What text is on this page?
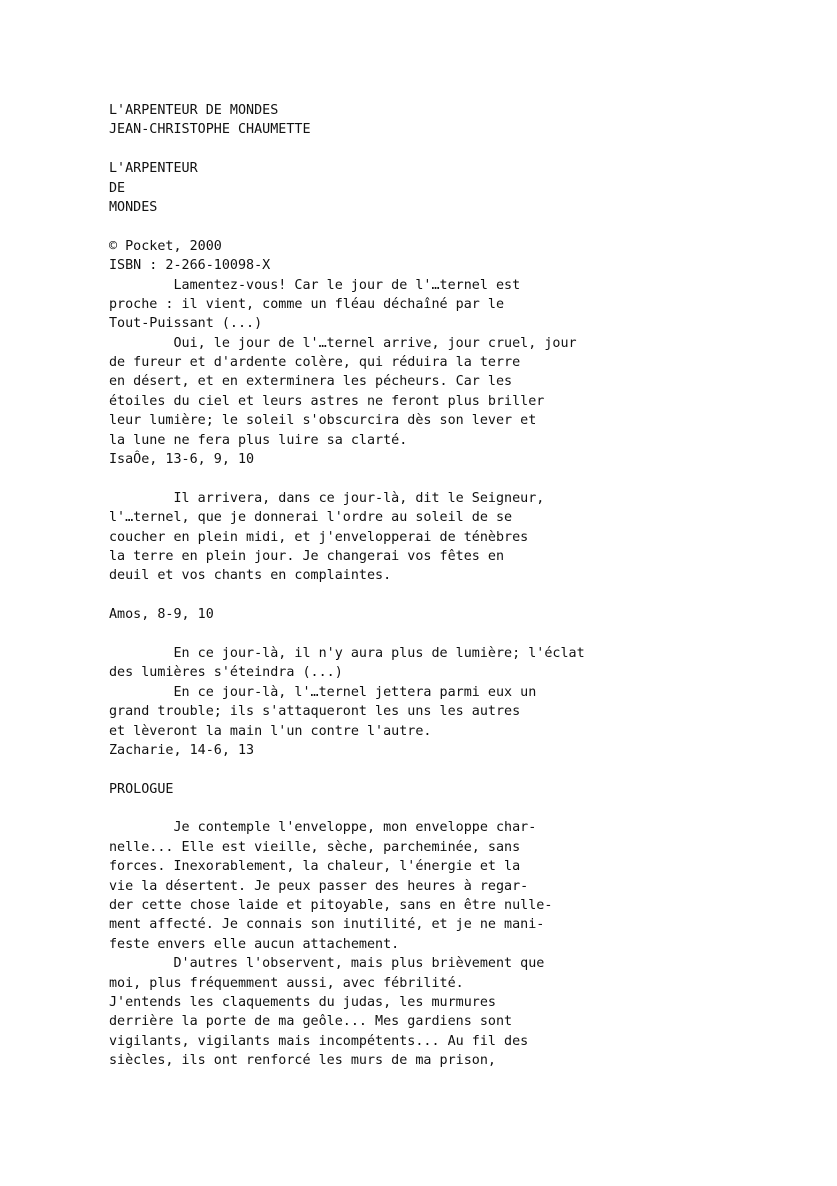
L'ARPENTEUR DE MONDES
JEAN-CHRISTOPHE CHAUMETTE
L'ARPENTEUR
DE
MONDES
© Pocket, 2000
ISBN : 2-266-10098-X
Lamentez-vous! Car le jour de l'…ternel est
proche : il vient, comme un fléau déchaîné par le
Tout-Puissant (...)
Oui, le jour de l'…ternel arrive, jour cruel, jour
de fureur et d'ardente colère, qui réduira la terre
en désert, et en exterminera les pécheurs. Car les
étoiles du ciel et leurs astres ne feront plus briller
leur lumière; le soleil s'obscurcira dès son lever et
la lune ne fera plus luire sa clarté.
IsaÔe, 13-6, 9, 10
Il arrivera, dans ce jour-là, dit le Seigneur,
l'…ternel, que je donnerai l'ordre au soleil de se
coucher en plein midi, et j'envelopperai de ténèbres
la terre en plein jour. Je changerai vos fêtes en
deuil et vos chants en complaintes.
Amos, 8-9, 10
En ce jour-là, il n'y aura plus de lumière; l'éclat
des lumières s'éteindra (...)
En ce jour-là, l'…ternel jettera parmi eux un
grand trouble; ils s'attaqueront les uns les autres
et lèveront la main l'un contre l'autre.
Zacharie, 14-6, 13
PROLOGUE
Je contemple l'enveloppe, mon enveloppe char-
nelle... Elle est vieille, sèche, parcheminée, sans
forces. Inexorablement, la chaleur, l'énergie et la
vie la désertent. Je peux passer des heures à regar-
der cette chose laide et pitoyable, sans en être nulle-
ment affecté. Je connais son inutilité, et je ne mani-
feste envers elle aucun attachement.
D'autres l'observent, mais plus brièvement que
moi, plus fréquemment aussi, avec fébrilité.
J'entends les claquements du judas, les murmures
derrière la porte de ma geôle... Mes gardiens sont
vigilants, vigilants mais incompétents... Au fil des
siècles, ils ont renforcé les murs de ma prison,
